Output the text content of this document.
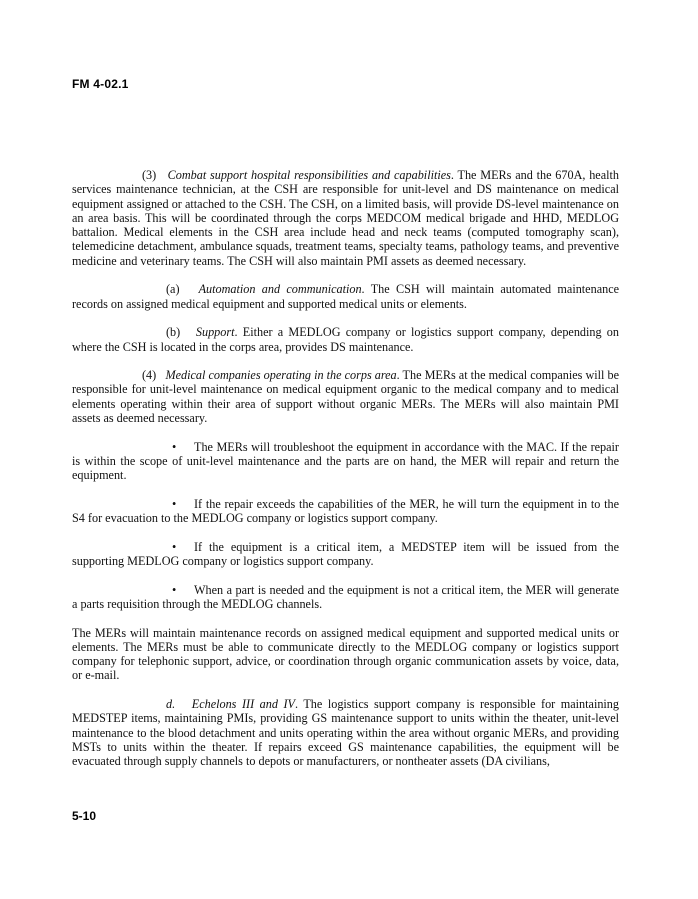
FM 4-02.1

(3) Combat support hospital responsibilities and capabilities. The MERs and the 670A, health services maintenance technician, at the CSH are responsible for unit-level and DS maintenance on medical equipment assigned or attached to the CSH. The CSH, on a limited basis, will provide DS-level maintenance on an area basis. This will be coordinated through the corps MEDCOM medical brigade and HHD, MEDLOG battalion. Medical elements in the CSH area include head and neck teams (computed tomography scan), telemedicine detachment, ambulance squads, treatment teams, specialty teams, pathology teams, and preventive medicine and veterinary teams. The CSH will also maintain PMI assets as deemed necessary.

(a) Automation and communication. The CSH will maintain automated maintenance records on assigned medical equipment and supported medical units or elements.

(b) Support. Either a MEDLOG company or logistics support company, depending on where the CSH is located in the corps area, provides DS maintenance.

(4) Medical companies operating in the corps area. The MERs at the medical companies will be responsible for unit-level maintenance on medical equipment organic to the medical company and to medical elements operating within their area of support without organic MERs. The MERs will also maintain PMI assets as deemed necessary.

• The MERs will troubleshoot the equipment in accordance with the MAC. If the repair is within the scope of unit-level maintenance and the parts are on hand, the MER will repair and return the equipment.

• If the repair exceeds the capabilities of the MER, he will turn the equipment in to the S4 for evacuation to the MEDLOG company or logistics support company.

• If the equipment is a critical item, a MEDSTEP item will be issued from the supporting MEDLOG company or logistics support company.

• When a part is needed and the equipment is not a critical item, the MER will generate a parts requisition through the MEDLOG channels.

The MERs will maintain maintenance records on assigned medical equipment and supported medical units or elements. The MERs must be able to communicate directly to the MEDLOG company or logistics support company for telephonic support, advice, or coordination through organic communication assets by voice, data, or e-mail.

d. Echelons III and IV. The logistics support company is responsible for maintaining MEDSTEP items, maintaining PMIs, providing GS maintenance support to units within the theater, unit-level maintenance to the blood detachment and units operating within the area without organic MERs, and providing MSTs to units within the theater. If repairs exceed GS maintenance capabilities, the equipment will be evacuated through supply channels to depots or manufacturers, or nontheater assets (DA civilians,

5-10
